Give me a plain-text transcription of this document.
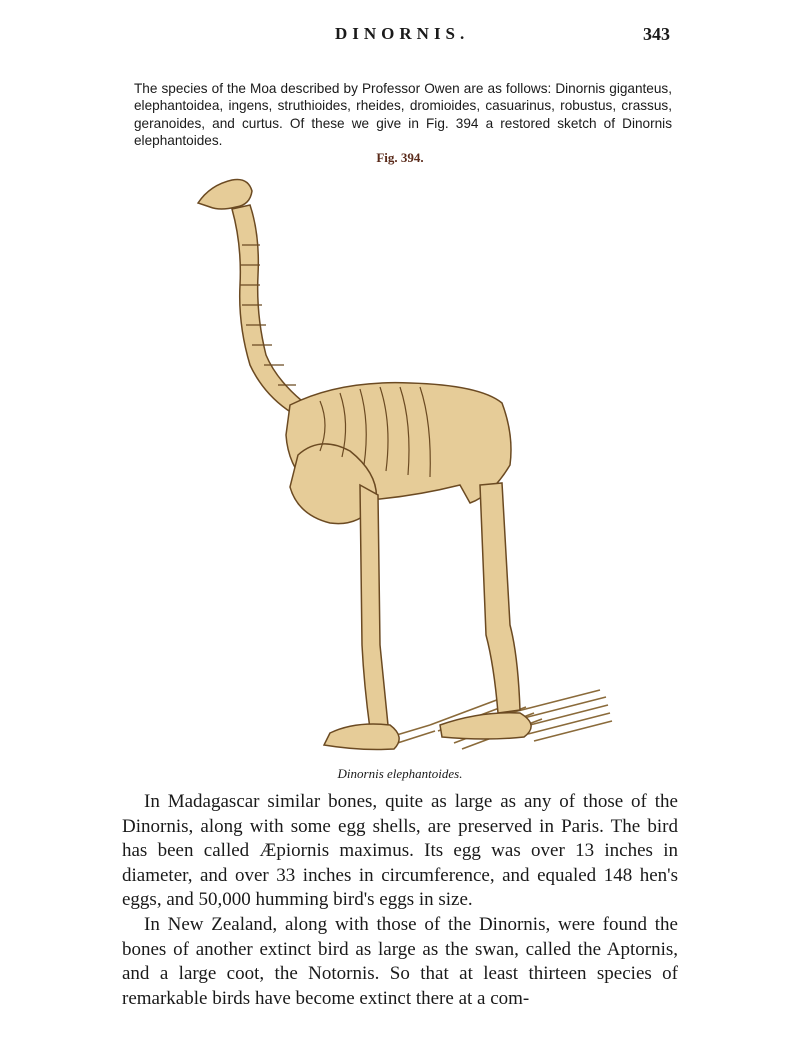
DINORNIS.	343

The species of the Moa described by Professor Owen are as follows: Dinornis giganteus, elephantoidea, ingens, struthioides, rheides, dromioides, casuarinus, robustus, crassus, geranoides, and curtus. Of these we give in Fig. 394 a restored sketch of Dinornis elephantoides.

Fig. 394.
Dinornis elephantoides.

In Madagascar similar bones, quite as large as any of those of the Dinornis, along with some egg shells, are preserved in Paris. The bird has been called Æpiornis maximus. Its egg was over 13 inches in diameter, and over 33 inches in circumference, and equaled 148 hen's eggs, and 50,000 humming bird's eggs in size.

In New Zealand, along with those of the Dinornis, were found the bones of another extinct bird as large as the swan, called the Aptornis, and a large coot, the Notornis. So that at least thirteen species of remarkable birds have become extinct there at a com-
